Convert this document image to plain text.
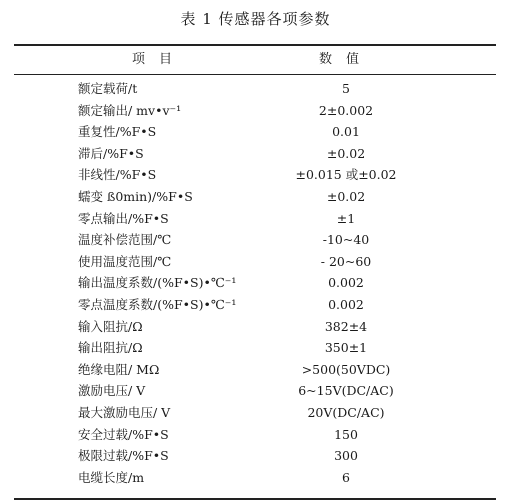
表 1 传感器各项参数
项目	数值
额定载荷/t	5
额定输出/ mv•v⁻¹	2±0.002
重复性/%F•S	0.01
滞后/%F•S	±0.02
非线性/%F•S	±0.015 或±0.02
蠕变 ß0min)/%F•S	±0.02
零点输出/%F•S	±1
温度补偿范围/℃	-10~40
使用温度范围/℃	- 20~60
输出温度系数/(%F•S)•℃⁻¹	0.002
零点温度系数/(%F•S)•℃⁻¹	0.002
输入阻抗/Ω	382±4
输出阻抗/Ω	350±1
绝缘电阻/ MΩ	>500(50VDC)
激励电压/ V	6~15V(DC/AC)
最大激励电压/ V	20V(DC/AC)
安全过载/%F•S	150
极限过载/%F•S	300
电缆长度/m	6
